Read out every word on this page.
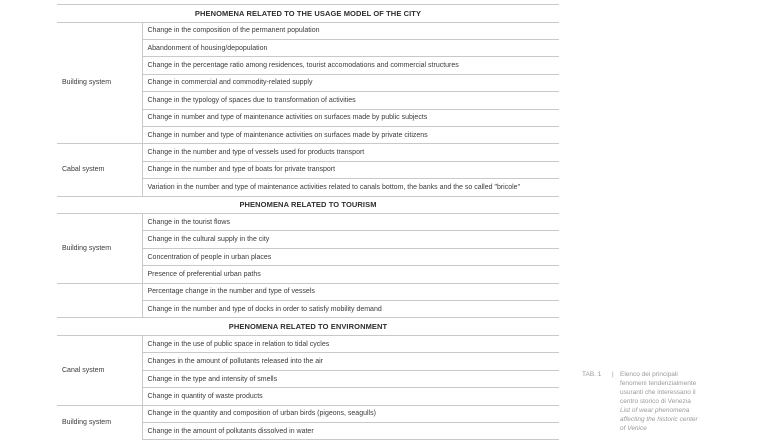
PHENOMENA RELATED TO THE USAGE MODEL OF THE CITY	
Building system	Change in the composition of the permanent population
	Abandonment of housing/depopulation
	Change in the percentage ratio among residences, tourist accomodations and commercial structures
	Change in commercial and commodity-related supply
	Change in the typology of spaces due to transformation of activities
	Change in number and type of maintenance activities on surfaces made by public subjects
	Change in number and type of maintenance activities on surfaces made by private citizens
Cabal system	Change in the number and type of vessels used for products transport
	Change in the number and type of boats for private transport
	Variation in the number and type of maintenance activities related to canals bottom, the banks and the so called "bricole"
PHENOMENA RELATED TO TOURISM	
Building system	Change in the tourist flows
	Change in the cultural supply in the city
	Concentration of people in urban places
	Presence of preferential urban paths
	Percentage change in the number and type of vessels
	Change in the number and type of docks in order to satisfy mobility demand
PHENOMENA RELATED TO ENVIRONMENT	
Canal system	Change in the use of public space in relation to tidal cycles
	Changes in the amount of pollutants released into the air
	Change in the type and intensity of smells
	Change in quantity of waste products
Building system	Change in the quantity and composition of urban birds (pigeons, seagulls)
	Change in the amount of pollutants dissolved in water
TAB. 1 | Elenco dei principali
fenomeni tendenzialmente
usuranti che interessano il
centro storico di Venezia
List of wear phenomena
affecting the historic center
of Venice
